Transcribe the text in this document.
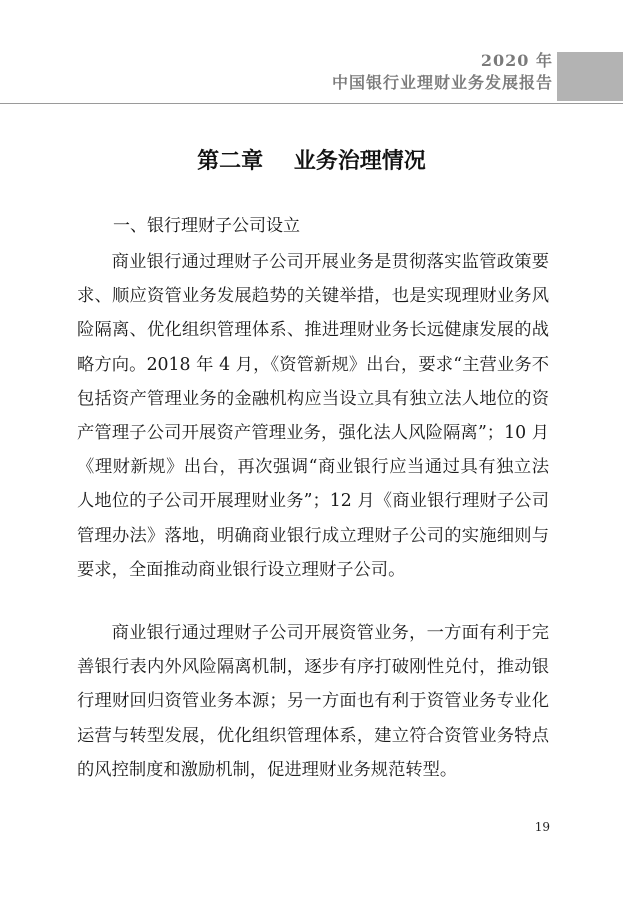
2020 年
中国银行业理财业务发展报告
第二章    业务治理情况
一、银行理财子公司设立

商业银行通过理财子公司开展业务是贯彻落实监管政策要求、顺应资管业务发展趋势的关键举措，也是实现理财业务风险隔离、优化组织管理体系、推进理财业务长远健康发展的战略方向。2018 年 4 月，《资管新规》出台，要求“主营业务不包括资产管理业务的金融机构应当设立具有独立法人地位的资产管理子公司开展资产管理业务，强化法人风险隔离”；10 月《理财新规》出台，再次强调“商业银行应当通过具有独立法人地位的子公司开展理财业务”；12 月《商业银行理财子公司管理办法》落地，明确商业银行成立理财子公司的实施细则与要求，全面推动商业银行设立理财子公司。

商业银行通过理财子公司开展资管业务，一方面有利于完善银行表内外风险隔离机制，逐步有序打破刚性兑付，推动银行理财回归资管业务本源；另一方面也有利于资管业务专业化运营与转型发展，优化组织管理体系，建立符合资管业务特点的风控制度和激励机制，促进理财业务规范转型。

19
